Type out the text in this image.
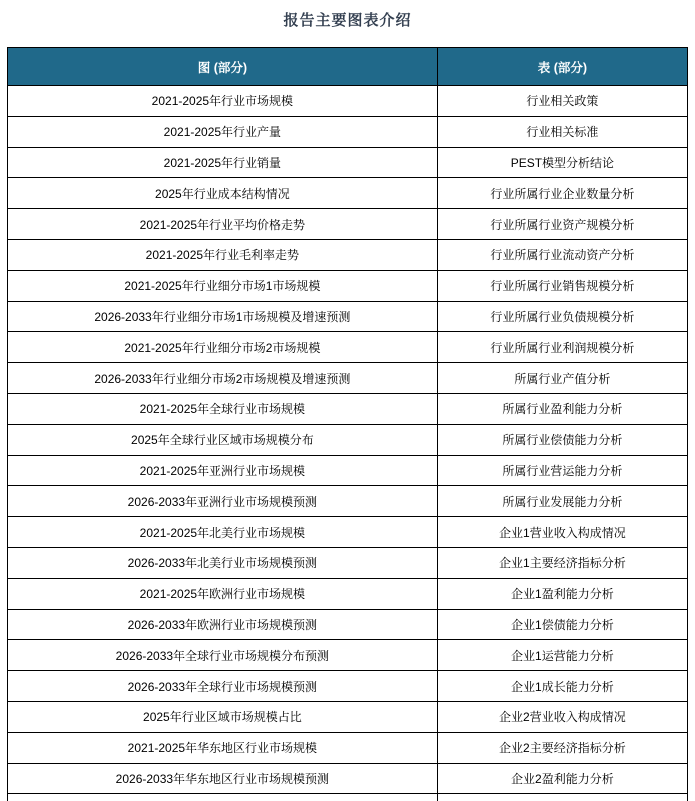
报告主要图表介绍
图 (部分)	表 (部分)
2021-2025年行业市场规模	行业相关政策
2021-2025年行业产量	行业相关标准
2021-2025年行业销量	PEST模型分析结论
2025年行业成本结构情况	行业所属行业企业数量分析
2021-2025年行业平均价格走势	行业所属行业资产规模分析
2021-2025年行业毛利率走势	行业所属行业流动资产分析
2021-2025年行业细分市场1市场规模	行业所属行业销售规模分析
2026-2033年行业细分市场1市场规模及增速预测	行业所属行业负债规模分析
2021-2025年行业细分市场2市场规模	行业所属行业利润规模分析
2026-2033年行业细分市场2市场规模及增速预测	所属行业产值分析
2021-2025年全球行业市场规模	所属行业盈利能力分析
2025年全球行业区域市场规模分布	所属行业偿债能力分析
2021-2025年亚洲行业市场规模	所属行业营运能力分析
2026-2033年亚洲行业市场规模预测	所属行业发展能力分析
2021-2025年北美行业市场规模	企业1营业收入构成情况
2026-2033年北美行业市场规模预测	企业1主要经济指标分析
2021-2025年欧洲行业市场规模	企业1盈利能力分析
2026-2033年欧洲行业市场规模预测	企业1偿债能力分析
2026-2033年全球行业市场规模分布预测	企业1运营能力分析
2026-2033年全球行业市场规模预测	企业1成长能力分析
2025年行业区域市场规模占比	企业2营业收入构成情况
2021-2025年华东地区行业市场规模	企业2主要经济指标分析
2026-2033年华东地区行业市场规模预测	企业2盈利能力分析
